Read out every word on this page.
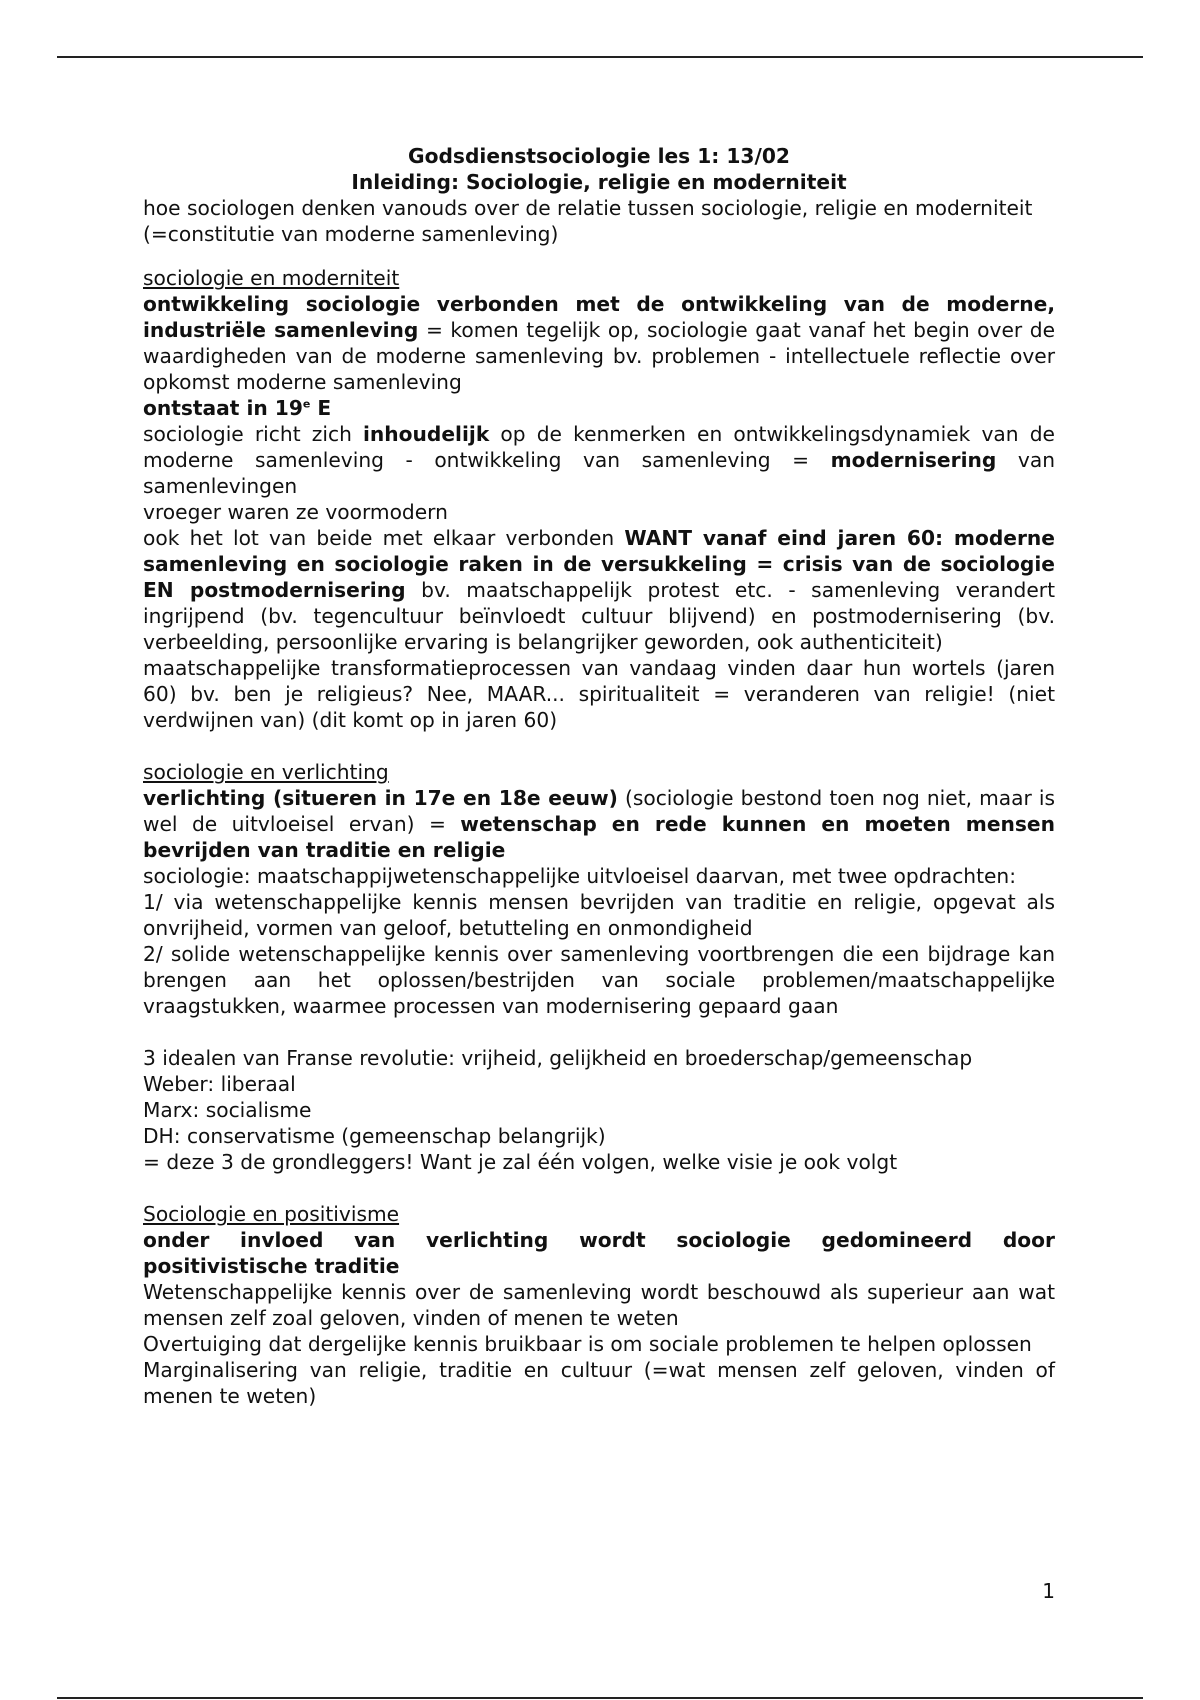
Godsdienstsociologie les 1: 13/02
Inleiding: Sociologie, religie en moderniteit

hoe sociologen denken vanouds over de relatie tussen sociologie, religie en moderniteit (=constitutie van moderne samenleving)

sociologie en moderniteit

ontwikkeling sociologie verbonden met de ontwikkeling van de moderne, industriële samenleving = komen tegelijk op, sociologie gaat vanaf het begin over de waardigheden van de moderne samenleving bv. problemen - intellectuele reflectie over opkomst moderne samenleving

ontstaat in 19e E

sociologie richt zich inhoudelijk op de kenmerken en ontwikkelingsdynamiek van de moderne samenleving - ontwikkeling van samenleving = modernisering van samenlevingen

vroeger waren ze voormodern

ook het lot van beide met elkaar verbonden WANT vanaf eind jaren 60: moderne samenleving en sociologie raken in de versukkeling = crisis van de sociologie EN postmodernisering bv. maatschappelijk protest etc. - samenleving verandert ingrijpend (bv. tegencultuur beïnvloedt cultuur blijvend) en postmodernisering (bv. verbeelding, persoonlijke ervaring is belangrijker geworden, ook authenticiteit)

maatschappelijke transformatieprocessen van vandaag vinden daar hun wortels (jaren 60) bv. ben je religieus? Nee, MAAR... spiritualiteit = veranderen van religie! (niet verdwijnen van) (dit komt op in jaren 60)

sociologie en verlichting

verlichting (situeren in 17e en 18e eeuw) (sociologie bestond toen nog niet, maar is wel de uitvloeisel ervan) = wetenschap en rede kunnen en moeten mensen bevrijden van traditie en religie

sociologie: maatschappijwetenschappelijke uitvloeisel daarvan, met twee opdrachten:

1/ via wetenschappelijke kennis mensen bevrijden van traditie en religie, opgevat als onvrijheid, vormen van geloof, betutteling en onmondigheid

2/ solide wetenschappelijke kennis over samenleving voortbrengen die een bijdrage kan brengen aan het oplossen/bestrijden van sociale problemen/maatschappelijke vraagstukken, waarmee processen van modernisering gepaard gaan

3 idealen van Franse revolutie: vrijheid, gelijkheid en broederschap/gemeenschap

Weber: liberaal

Marx: socialisme

DH: conservatisme (gemeenschap belangrijk)

= deze 3 de grondleggers! Want je zal één volgen, welke visie je ook volgt

Sociologie en positivisme

onder invloed van verlichting wordt sociologie gedomineerd door positivistische traditie

Wetenschappelijke kennis over de samenleving wordt beschouwd als superieur aan wat mensen zelf zoal geloven, vinden of menen te weten

Overtuiging dat dergelijke kennis bruikbaar is om sociale problemen te helpen oplossen

Marginalisering van religie, traditie en cultuur (=wat mensen zelf geloven, vinden of menen te weten)

1
